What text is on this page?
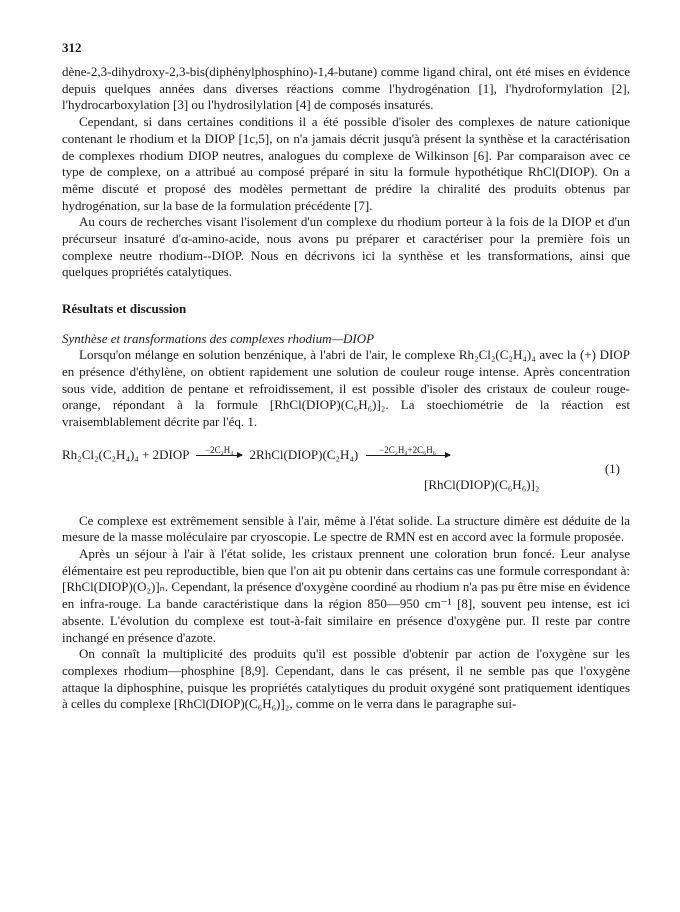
312

dène-2,3-dihydroxy-2,3-bis(diphénylphosphino)-1,4-butane) comme ligand chiral, ont été mises en évidence depuis quelques années dans diverses réactions comme l'hydrogénation [1], l'hydroformylation [2], l'hydrocarboxylation [3] ou l'hydrosilylation [4] de composés insaturés.

Cependant, si dans certaines conditions il a été possible d'isoler des complexes de nature cationique contenant le rhodium et la DIOP [1c,5], on n'a jamais décrit jusqu'à présent la synthèse et la caractérisation de complexes rhodium DIOP neutres, analogues du complexe de Wilkinson [6]. Par comparaison avec ce type de complexe, on a attribué au composé préparé in situ la formule hypothétique RhCl(DIOP). On a même discuté et proposé des modèles permettant de prédire la chiralité des produits obtenus par hydrogénation, sur la base de la formulation précédente [7].

Au cours de recherches visant l'isolement d'un complexe du rhodium porteur à la fois de la DIOP et d'un précurseur insaturé d'α-amino-acide, nous avons pu préparer et caractériser pour la première fois un complexe neutre rhodium--DIOP. Nous en décrivons ici la synthèse et les transformations, ainsi que quelques propriétés catalytiques.

Résultats et discussion
Synthèse et transformations des complexes rhodium—DIOP

Lorsqu'on mélange en solution benzénique, à l'abri de l'air, le complexe Rh₂Cl₂(C₂H₄)₄ avec la (+) DIOP en présence d'éthylène, on obtient rapidement une solution de couleur rouge intense. Après concentration sous vide, addition de pentane et refroidissement, il est possible d'isoler des cristaux de couleur rouge-orange, répondant à la formule [RhCl(DIOP)(C₆H₆)]₂. La stoechiométrie de la réaction est vraisemblablement décrite par l'éq. 1.

Rh₂Cl₂(C₂H₄)₄ + 2DIOP	−2C₂H₄	2RhCl(DIOP)(C₂H₄)	−2C₂H₄+2C₆H₆
[RhCl(DIOP)(C₆H₆)]₂
(1)

Ce complexe est extrêmement sensible à l'air, même à l'état solide. La structure dimère est déduite de la mesure de la masse moléculaire par cryoscopie. Le spectre de RMN est en accord avec la formule proposée.

Après un séjour à l'air à l'état solide, les cristaux prennent une coloration brun foncé. Leur analyse élémentaire est peu reproductible, bien que l'on ait pu obtenir dans certains cas une formule correspondant à: [RhCl(DIOP)(O₂)]ₙ. Cependant, la présence d'oxygène coordiné au rhodium n'a pas pu être mise en évidence en infra-rouge. La bande caractéristique dans la région 850—950 cm⁻¹ [8], souvent peu intense, est ici absente. L'évolution du complexe est tout-à-fait similaire en présence d'oxygène pur. Il reste par contre inchangé en présence d'azote.

On connaît la multiplicité des produits qu'il est possible d'obtenir par action de l'oxygène sur les complexes rhodium—phosphine [8,9]. Cependant, dans le cas présent, il ne semble pas que l'oxygène attaque la diphosphine, puisque les propriétés catalytiques du produit oxygéné sont pratiquement identiques à celles du complexe [RhCl(DIOP)(C₆H₆)]₂, comme on le verra dans le paragraphe sui-
